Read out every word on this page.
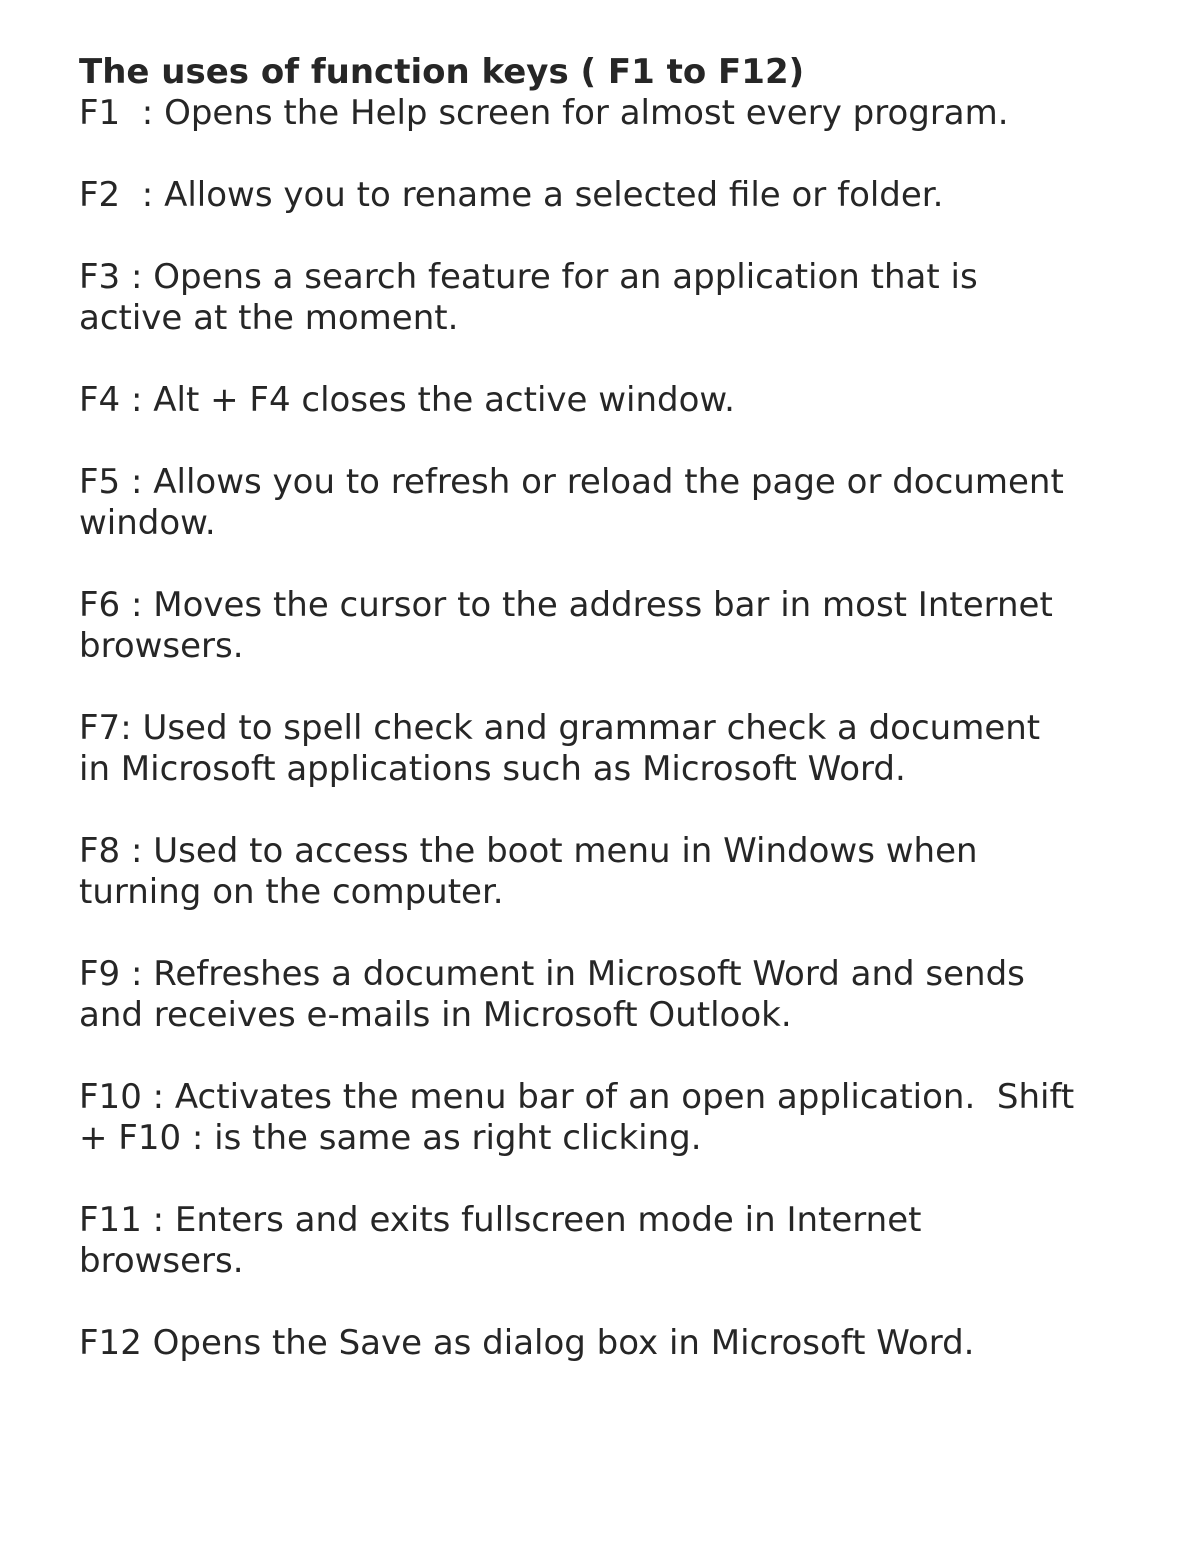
The uses of function keys ( F1 to F12)
F1  : Opens the Help screen for almost every program.
F2  : Allows you to rename a selected file or folder.
F3 : Opens a search feature for an application that is
active at the moment.
F4 : Alt + F4 closes the active window.
F5 : Allows you to refresh or reload the page or document
window.
F6 : Moves the cursor to the address bar in most Internet
browsers.
F7: Used to spell check and grammar check a document
in Microsoft applications such as Microsoft Word.
F8 : Used to access the boot menu in Windows when
turning on the computer.
F9 : Refreshes a document in Microsoft Word and sends
and receives e-mails in Microsoft Outlook.
F10 : Activates the menu bar of an open application.  Shift
+ F10 : is the same as right clicking.
F11 : Enters and exits fullscreen mode in Internet
browsers.
F12 Opens the Save as dialog box in Microsoft Word.
